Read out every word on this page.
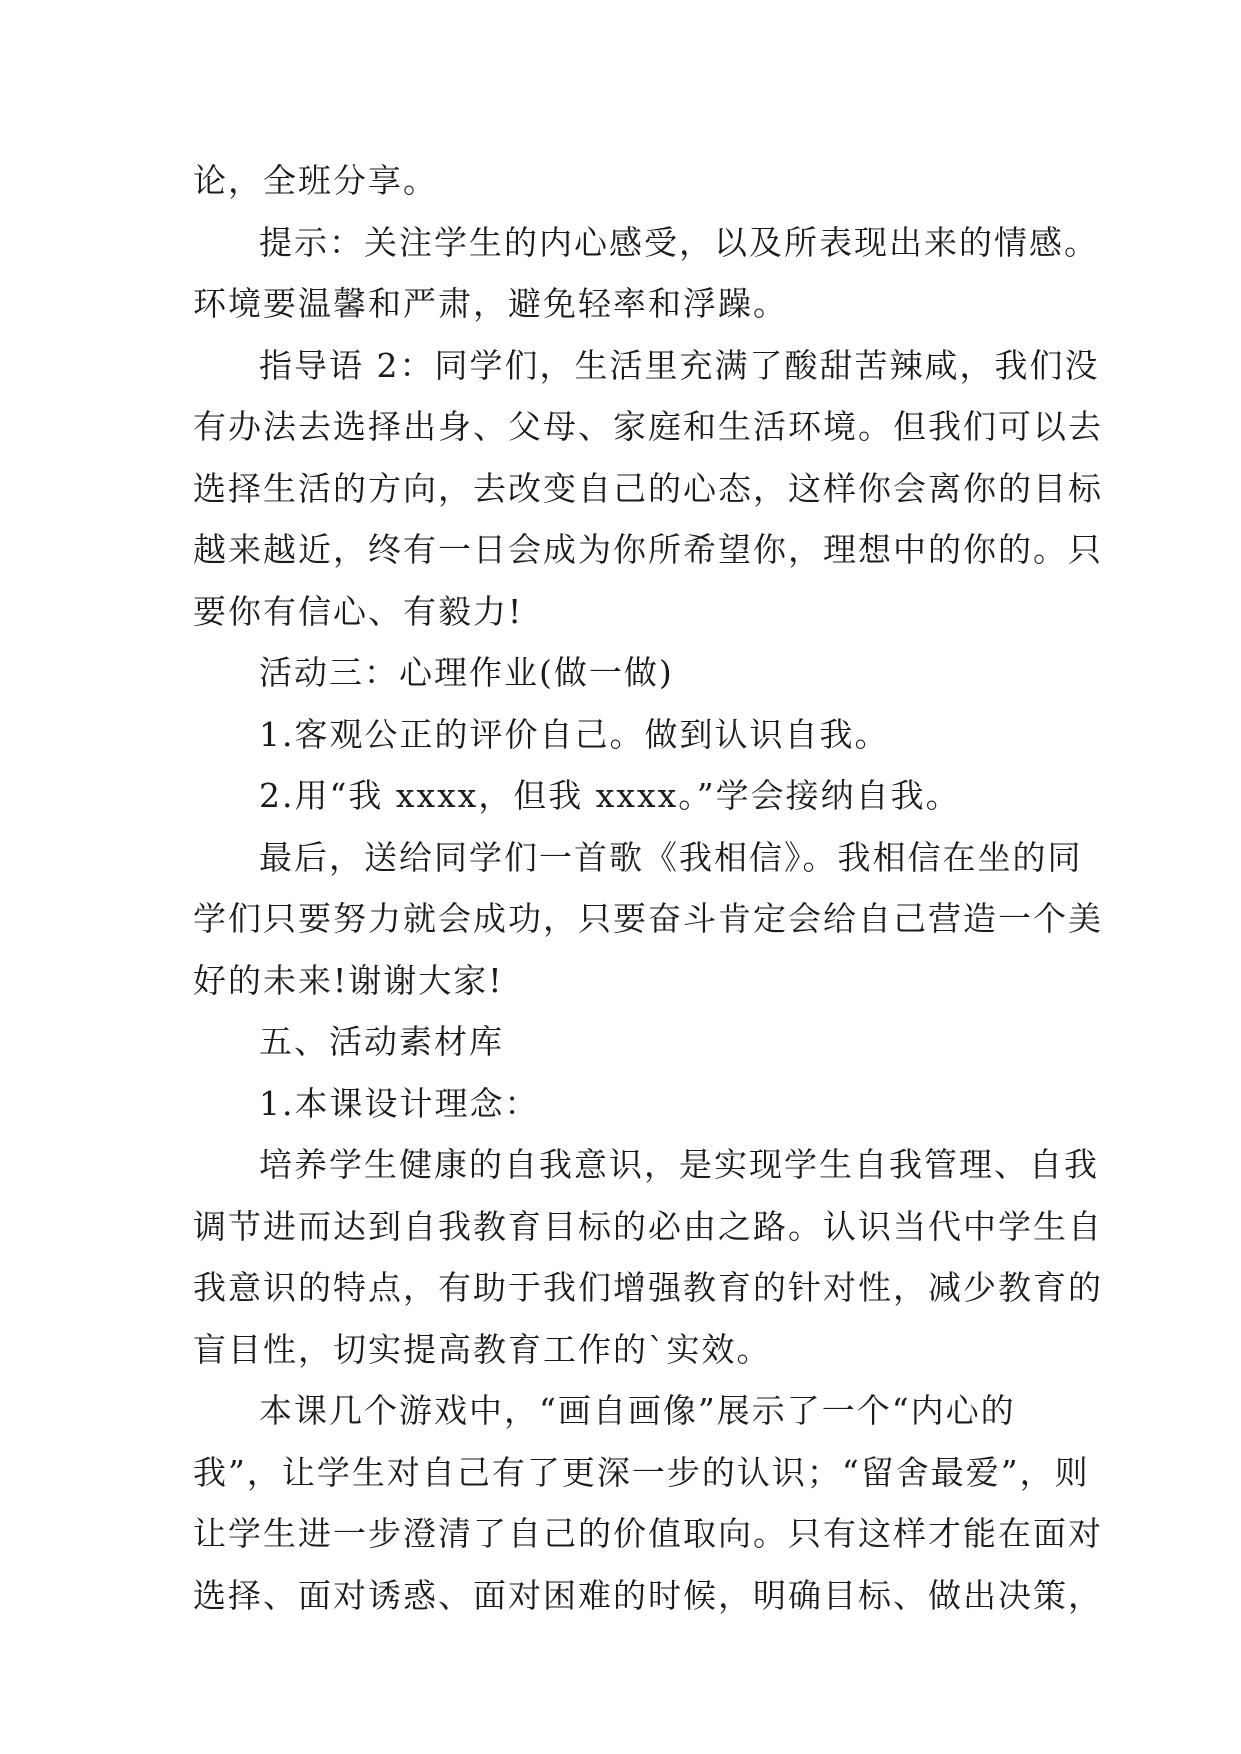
论，全班分享。
提示：关注学生的内心感受，以及所表现出来的情感。
环境要温馨和严肃，避免轻率和浮躁。
指导语 2：同学们，生活里充满了酸甜苦辣咸，我们没
有办法去选择出身、父母、家庭和生活环境。但我们可以去
选择生活的方向，去改变自己的心态，这样你会离你的目标
越来越近，终有一日会成为你所希望你，理想中的你的。只
要你有信心、有毅力!
活动三：心理作业(做一做)
1.客观公正的评价自己。做到认识自我。
2.用“我 xxxx，但我 xxxx。”学会接纳自我。
最后，送给同学们一首歌《我相信》。我相信在坐的同
学们只要努力就会成功，只要奋斗肯定会给自己营造一个美
好的未来!谢谢大家!
五、活动素材库
1.本课设计理念：
培养学生健康的自我意识，是实现学生自我管理、自我
调节进而达到自我教育目标的必由之路。认识当代中学生自
我意识的特点，有助于我们增强教育的针对性，减少教育的
盲目性，切实提高教育工作的`实效。
本课几个游戏中，“画自画像”展示了一个“内心的
我”，让学生对自己有了更深一步的认识；“留舍最爱”，则
让学生进一步澄清了自己的价值取向。只有这样才能在面对
选择、面对诱惑、面对困难的时候，明确目标、做出决策，
